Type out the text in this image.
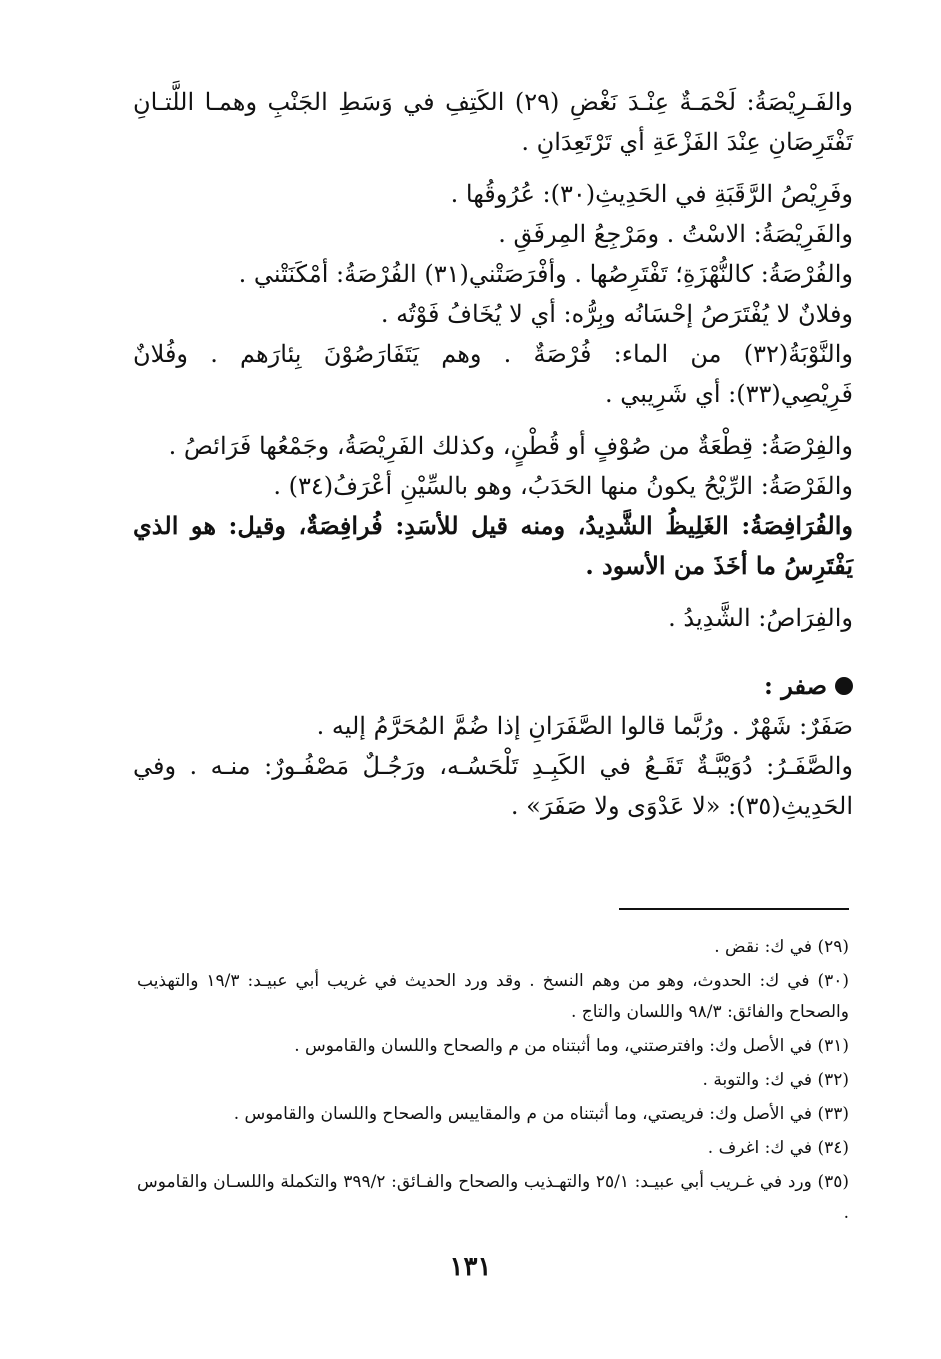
والفَـرِيْصَةُ: لَحْمَـةٌ عِنْـدَ نَغْضِ (٢٩) الكَتِفِ في وَسَطِ الجَنْبِ وهمـا اللَّتـانِ تَفْتَرِصَانِ عِنْدَ الفَزْعَةِ أي تَرْتَعِدَانِ .

وفَرِيْصُ الرَّقَبَةِ في الحَدِيثِ(٣٠): عُرُوقُها .

والفَرِيْصَةُ: الاسْتُ . ومَرْجِعُ المِرفَقِ .

والفُرْصَةُ: كالنُّهْزَةِ؛ تَفْتَرِصُها . وأفْرَصَتْني(٣١) الفُرْصَةُ: أمْكَنَتْني .

وفلانٌ لا يُفْتَرَصُ إحْسَانُه وبِرُّه: أي لا يُخَافُ فَوْتُه .

والنَّوْبَةُ(٣٢) من الماء: فُرْصَةٌ . وهم يَتَفَارَصُوْنَ بِئارَهم . وفُلانٌ فَرِيْصِي(٣٣): أي شَرِيبي .

والفِرْصَةُ: قِطْعَةٌ من صُوْفٍ أو قُطْنٍ، وكذلك الفَرِيْصَةُ، وجَمْعُها فَرَائصُ .

والفَرْصَةُ: الرِّيْحُ يكونُ منها الحَدَبُ، وهو بالسِّيْنِ أعْرَفُ(٣٤) .

والفُرَافِصَةُ: الغَلِيظُ الشَّدِيدُ، ومنه قيل للأسَدِ: فُرافِصَةٌ، وقيل: هو الذي يَفْتَرِسُ ما أخَذَ من الأسود .

والفِرَاصُ: الشَّدِيدُ .

صفر :

صَفَرٌ: شَهْرٌ . ورُبَّما قالوا الصَّفَرَانِ إذا ضُمَّ المُحَرَّمُ إليه .

والصَّفَـرُ: دُوَيْبَّـةٌ تَقَـعُ في الكَبِـدِ تَلْحَسُـه، ورَجُـلٌ مَصْفُـورٌ: منـه . وفي الحَدِيثِ(٣٥): «لا عَدْوَى ولا صَفَرَ» .

(٢٩) في ك: نقض .

(٣٠) في ك: الحدوث، وهو من وهم النسخ . وقد ورد الحديث في غريب أبي عبيـد: ١٩/٣ والتهذيب والصحاح والفائق: ٩٨/٣ واللسان والتاج .

(٣١) في الأصل وك: وافترصتني، وما أثبتناه من م والصحاح واللسان والقاموس .

(٣٢) في ك: والتوبة .

(٣٣) في الأصل وك: فريصتي، وما أثبتناه من م والمقاييس والصحاح واللسان والقاموس .

(٣٤) في ك: اغرف .

(٣٥) ورد في غـريب أبي عبيـد: ٢٥/١ والتهـذيب والصحاح والفـائق: ٣٩٩/٢ والتكملة واللسـان والقاموس .

١٣١
